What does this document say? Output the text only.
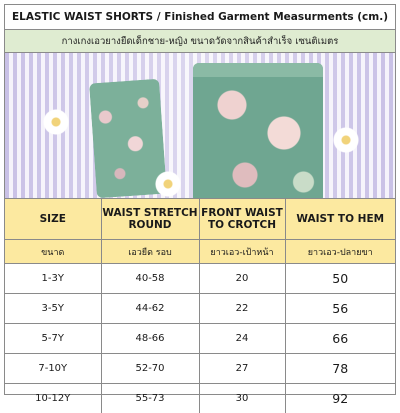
ELASTIC WAIST SHORTS / Finished Garment Measurments (cm.)
กางเกงเอวยางยืดเด็กชาย-หญิง ขนาดวัดจากสินค้าสำเร็จ เซนติเมตร
SIZE	WAIST STRETCH ROUND	FRONT WAIST TO CROTCH	WAIST TO HEM
ขนาด	เอวยืด รอบ	ยาวเอว-เป้าหน้า	ยาวเอว-ปลายขา
1-3Y	40-58	20	50
3-5Y	44-62	22	56
5-7Y	48-66	24	66
7-10Y	52-70	27	78
10-12Y	55-73	30	92
